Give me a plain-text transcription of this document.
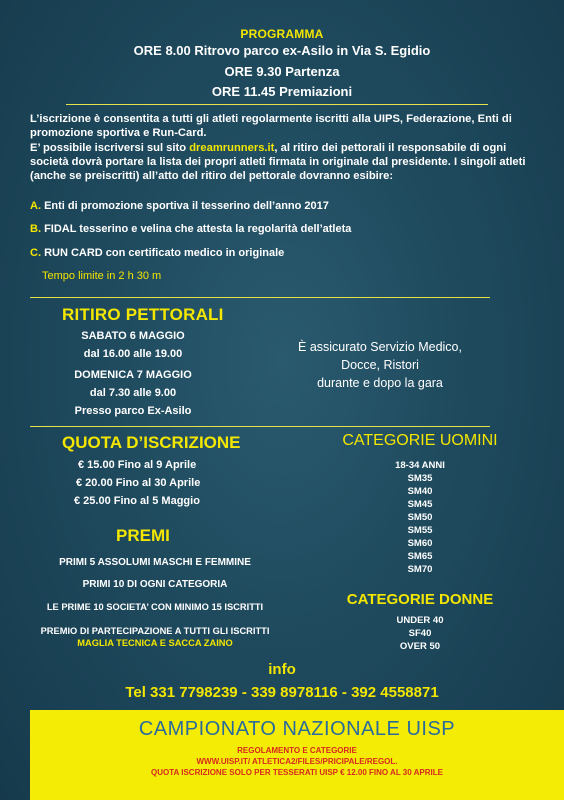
PROGRAMMA
ORE 8.00 Ritrovo parco ex-Asilo in Via S. Egidio
ORE 9.30 Partenza
ORE 11.45 Premiazioni
L’iscrizione è consentita a tutti gli atleti regolarmente iscritti alla UIPS, Federazione, Enti di promozione sportiva e Run-Card.
E’ possibile iscriversi sul sito dreamrunners.it, al ritiro dei pettorali il responsabile di ogni società dovrà portare la lista dei propri atleti firmata in originale dal presidente. I singoli atleti (anche se preiscritti) all’atto del ritiro del pettorale dovranno esibire:
A. Enti di promozione sportiva il tesserino dell’anno 2017
B. FIDAL tesserino e velina che attesta la regolarità dell’atleta
C. RUN CARD con certificato medico in originale
Tempo limite in 2 h 30 m
RITIRO PETTORALI
SABATO 6 MAGGIO
dal 16.00 alle 19.00
DOMENICA 7 MAGGIO
dal 7.30 alle 9.00
Presso parco Ex-Asilo
È assicurato Servizio Medico,
Docce, Ristori
durante e dopo la gara
QUOTA D’ISCRIZIONE
€ 15.00 Fino al 9 Aprile
€ 20.00 Fino al 30 Aprile
€ 25.00 Fino al 5 Maggio
PREMI
PRIMI 5 ASSOLUMI MASCHI E FEMMINE
PRIMI 10 DI OGNI CATEGORIA
LE PRIME 10 SOCIETA’ CON MINIMO 15 ISCRITTI
PREMIO DI PARTECIPAZIONE A TUTTI GLI ISCRITTI
MAGLIA TECNICA E SACCA ZAINO
CATEGORIE UOMINI
18-34 ANNI
SM35
SM40
SM45
SM50
SM55
SM60
SM65
SM70
CATEGORIE DONNE
UNDER 40
SF40
OVER 50
info
Tel 331 7798239 - 339 8978116 - 392 4558871
CAMPIONATO NAZIONALE UISP
REGOLAMENTO E CATEGORIE
WWW.UISP.IT/ ATLETICA2/FILES/PRICIPALE/REGOL.
QUOTA ISCRIZIONE SOLO PER TESSERATI UISP € 12.00 FINO AL 30 APRILE
